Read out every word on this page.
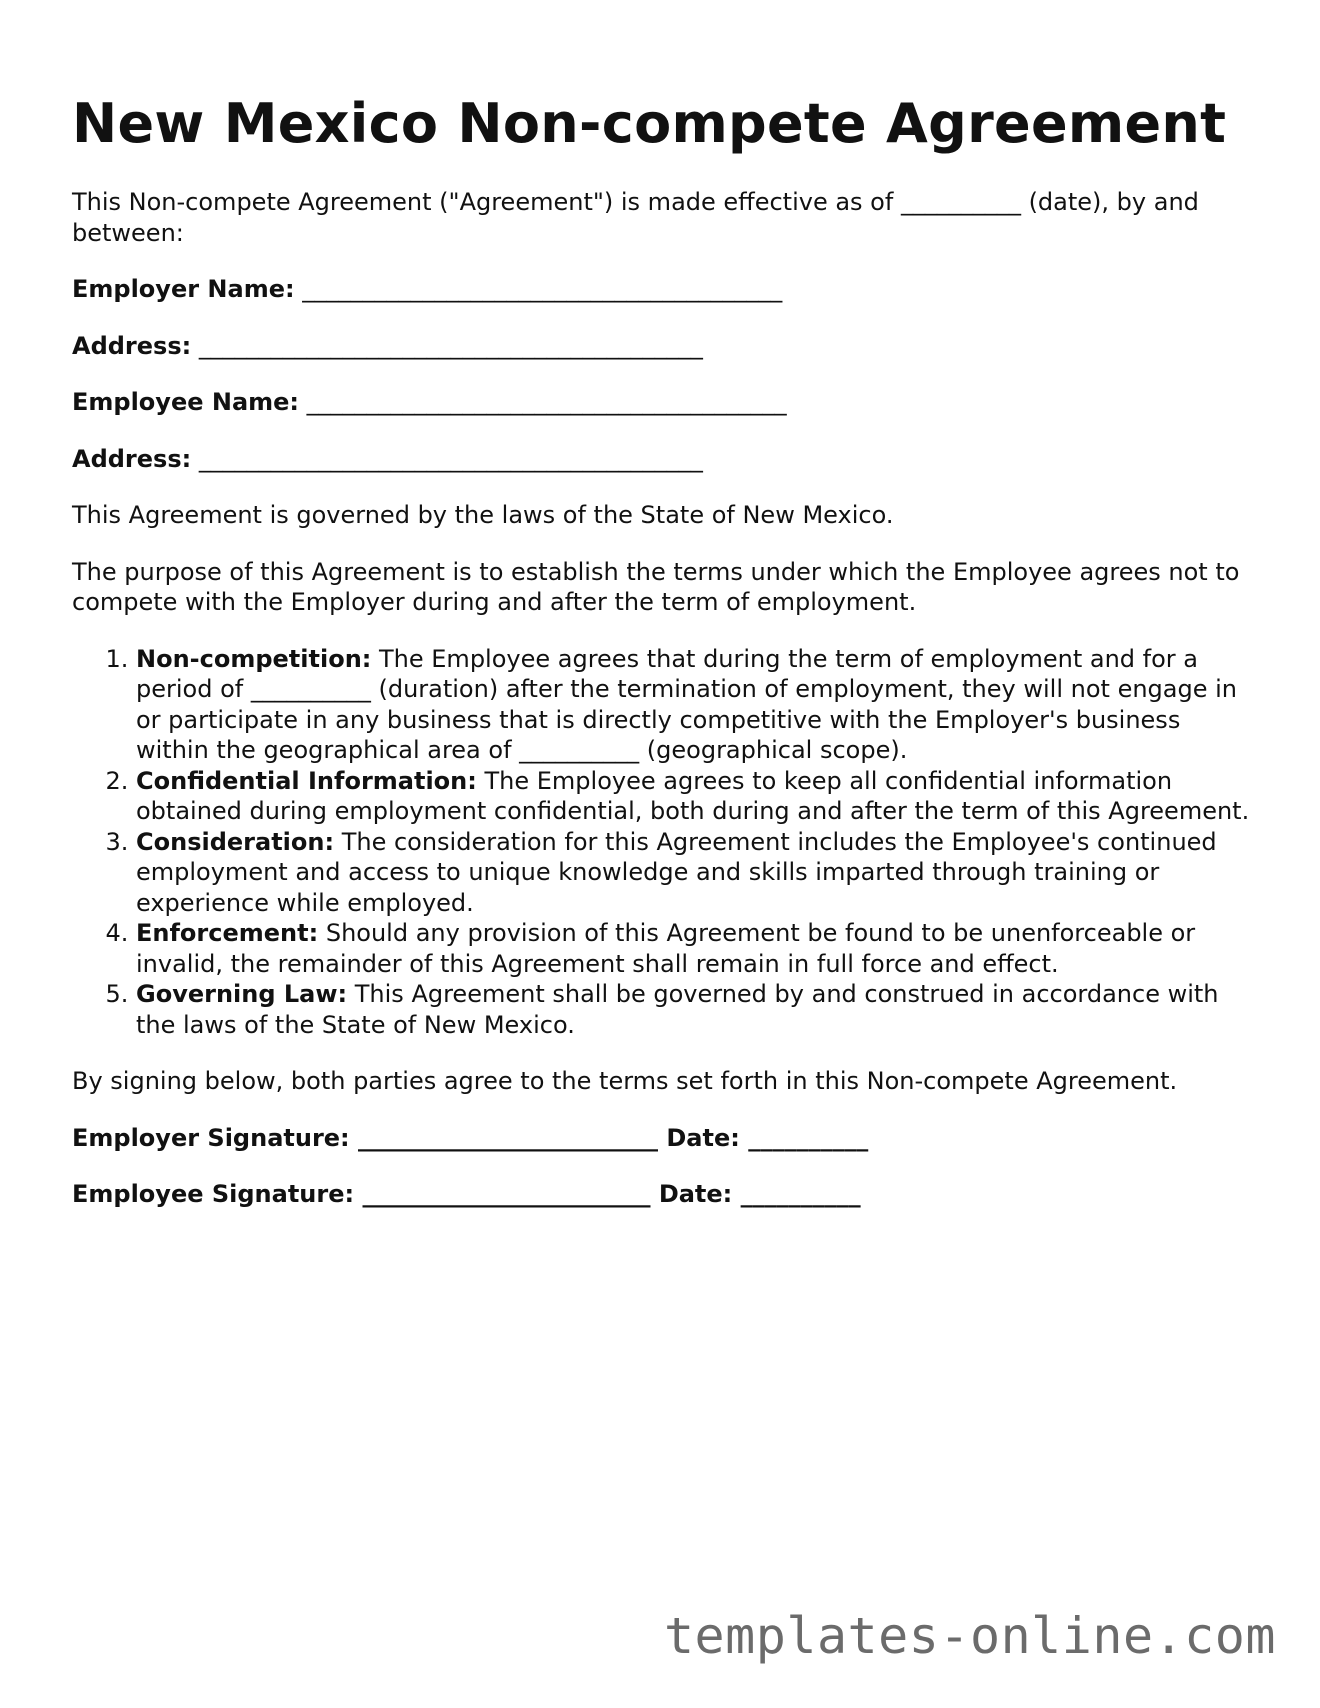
New Mexico Non-compete Agreement

This Non-compete Agreement ("Agreement") is made effective as of __________ (date), by and between:

Employer Name: ________________________________________

Address: __________________________________________

Employee Name: ________________________________________

Address: __________________________________________

This Agreement is governed by the laws of the State of New Mexico.

The purpose of this Agreement is to establish the terms under which the Employee agrees not to compete with the Employer during and after the term of employment.

1. Non-competition: The Employee agrees that during the term of employment and for a period of __________ (duration) after the termination of employment, they will not engage in or participate in any business that is directly competitive with the Employer's business within the geographical area of __________ (geographical scope).
2. Confidential Information: The Employee agrees to keep all confidential information obtained during employment confidential, both during and after the term of this Agreement.
3. Consideration: The consideration for this Agreement includes the Employee's continued employment and access to unique knowledge and skills imparted through training or experience while employed.
4. Enforcement: Should any provision of this Agreement be found to be unenforceable or invalid, the remainder of this Agreement shall remain in full force and effect.
5. Governing Law: This Agreement shall be governed by and construed in accordance with the laws of the State of New Mexico.

By signing below, both parties agree to the terms set forth in this Non-compete Agreement.

Employer Signature: _________________________ Date: __________

Employee Signature: ________________________ Date: __________

templates-online.com
